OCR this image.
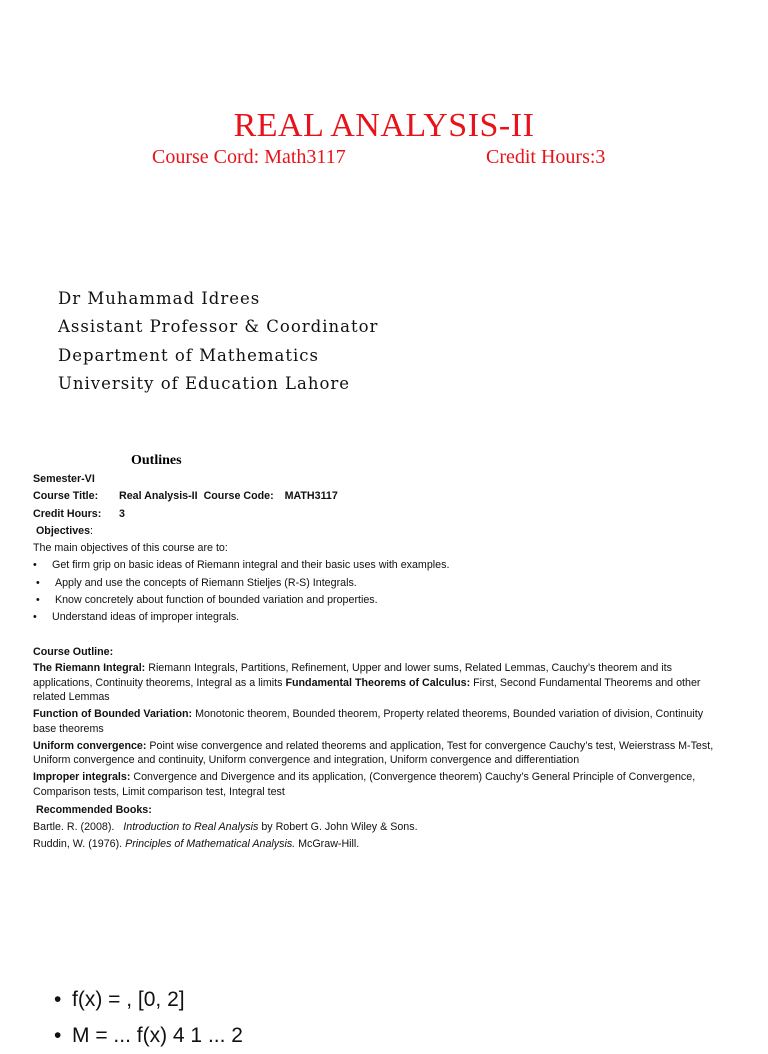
REAL ANALYSIS-II
Course Cord: Math3117	Credit Hours:3
Dr Muhammad Idrees
Assistant Professor & Coordinator
Department of Mathematics
University of Education Lahore
Outlines
Semester-VI
Course Title: Real Analysis-II Course Code: MATH3117
Credit Hours: 3
Objectives:
The main objectives of this course are to:
• Get firm grip on basic ideas of Riemann integral and their basic uses with examples.
• Apply and use the concepts of Riemann Stieljes (R-S) Integrals.
• Know concretely about function of bounded variation and properties.
• Understand ideas of improper integrals.
Course Outline:
The Riemann Integral: Riemann Integrals, Partitions, Refinement, Upper and lower sums, Related Lemmas, Cauchy’s theorem and its applications, Continuity theorems, Integral as a limits Fundamental Theorems of Calculus: First, Second Fundamental Theorems and other related Lemmas
Function of Bounded Variation: Monotonic theorem, Bounded theorem, Property related theorems, Bounded variation of division, Continuity base theorems
Uniform convergence: Point wise convergence and related theorems and application, Test for convergence Cauchy’s test, Weierstrass M-Test, Uniform convergence and continuity, Uniform convergence and integration, Uniform convergence and differentiation
Improper integrals: Convergence and Divergence and its application, (Convergence theorem) Cauchy’s General Principle of Convergence, Comparison tests, Limit comparison test, Integral test
Recommended Books:
Bartle. R. (2008).   Introduction to Real Analysis by Robert G. John Wiley & Sons.
Ruddin, W. (1976). Principles of Mathematical Analysis. McGraw-Hill.
• f(x) = , [0, 2]
• M = ... f(x) 4 1 ... 2
